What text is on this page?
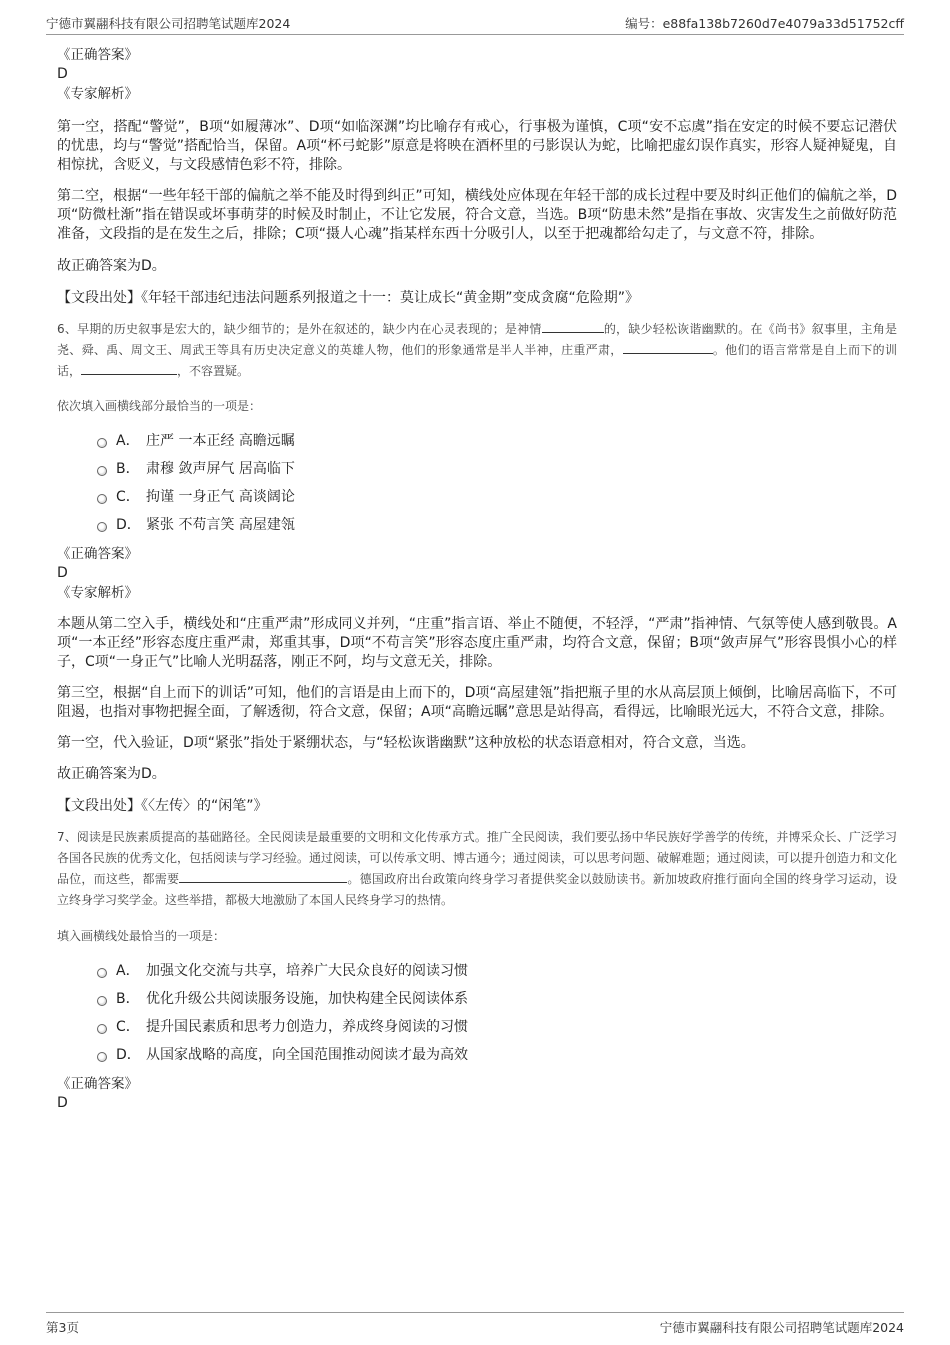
宁德市翼翮科技有限公司招聘笔试题库2024	编号：e88fa138b7260d7e4079a33d51752cff
《正确答案》
D
《专家解析》

第一空，搭配“警觉”，B项“如履薄冰”、D项“如临深渊”均比喻存有戒心，行事极为谨慎，C项“安不忘虞”指在安定的时候不要忘记潜伏的忧患，均与“警觉”搭配恰当，保留。A项“杯弓蛇影”原意是将映在酒杯里的弓影误认为蛇，比喻把虚幻误作真实，形容人疑神疑鬼，自相惊扰，含贬义，与文段感情色彩不符，排除。

第二空，根据“一些年轻干部的偏航之举不能及时得到纠正”可知，横线处应体现在年轻干部的成长过程中要及时纠正他们的偏航之举，D项“防微杜渐”指在错误或坏事萌芽的时候及时制止，不让它发展，符合文意，当选。B项“防患未然”是指在事故、灾害发生之前做好防范准备，文段指的是在发生之后，排除；C项“摄人心魂”指某样东西十分吸引人，以至于把魂都给勾走了，与文意不符，排除。

故正确答案为D。

【文段出处】《年轻干部违纪违法问题系列报道之十一：莫让成长“黄金期”变成贪腐“危险期”》

6、早期的历史叙事是宏大的，缺少细节的；是外在叙述的，缺少内在心灵表现的；是神情	的，缺少轻松诙谐幽默的。在《尚书》叙事里，主角是尧、舜、禹、周文王、周武王等具有历史决定意义的英雄人物，他们的形象通常是半人半神，庄重严肃，	。他们的语言常常是自上而下的训话，	，不容置疑。

依次填入画横线部分最恰当的一项是：
A． 庄严 一本正经 高瞻远瞩
B． 肃穆 敛声屏气 居高临下
C． 拘谨 一身正气 高谈阔论
D． 紧张 不苟言笑 高屋建瓴
《正确答案》
D
《专家解析》

本题从第二空入手，横线处和“庄重严肃”形成同义并列，“庄重”指言语、举止不随便，不轻浮，“严肃”指神情、气氛等使人感到敬畏。A项“一本正经”形容态度庄重严肃，郑重其事，D项“不苟言笑”形容态度庄重严肃，均符合文意，保留；B项“敛声屏气”形容畏惧小心的样子，C项“一身正气”比喻人光明磊落，刚正不阿，均与文意无关，排除。

第三空，根据“自上而下的训话”可知，他们的言语是由上而下的，D项“高屋建瓴”指把瓶子里的水从高层顶上倾倒，比喻居高临下，不可阻遏，也指对事物把握全面，了解透彻，符合文意，保留；A项“高瞻远瞩”意思是站得高，看得远，比喻眼光远大，不符合文意，排除。

第一空，代入验证，D项“紧张”指处于紧绷状态，与“轻松诙谐幽默”这种放松的状态语意相对，符合文意，当选。

故正确答案为D。

【文段出处】《〈左传〉的“闲笔”》

7、阅读是民族素质提高的基础路径。全民阅读是最重要的文明和文化传承方式。推广全民阅读，我们要弘扬中华民族好学善学的传统，并博采众长、广泛学习各国各民族的优秀文化，包括阅读与学习经验。通过阅读，可以传承文明、博古通今；通过阅读，可以思考问题、破解难题；通过阅读，可以提升创造力和文化品位，而这些，都需要	。德国政府出台政策向终身学习者提供奖金以鼓励读书。新加坡政府推行面向全国的终身学习运动，设立终身学习奖学金。这些举措，都极大地激励了本国人民终身学习的热情。

填入画横线处最恰当的一项是：
A． 加强文化交流与共享，培养广大民众良好的阅读习惯
B． 优化升级公共阅读服务设施，加快构建全民阅读体系
C． 提升国民素质和思考力创造力，养成终身阅读的习惯
D． 从国家战略的高度，向全国范围推动阅读才最为高效
《正确答案》
D
第3页	宁德市翼翮科技有限公司招聘笔试题库2024
